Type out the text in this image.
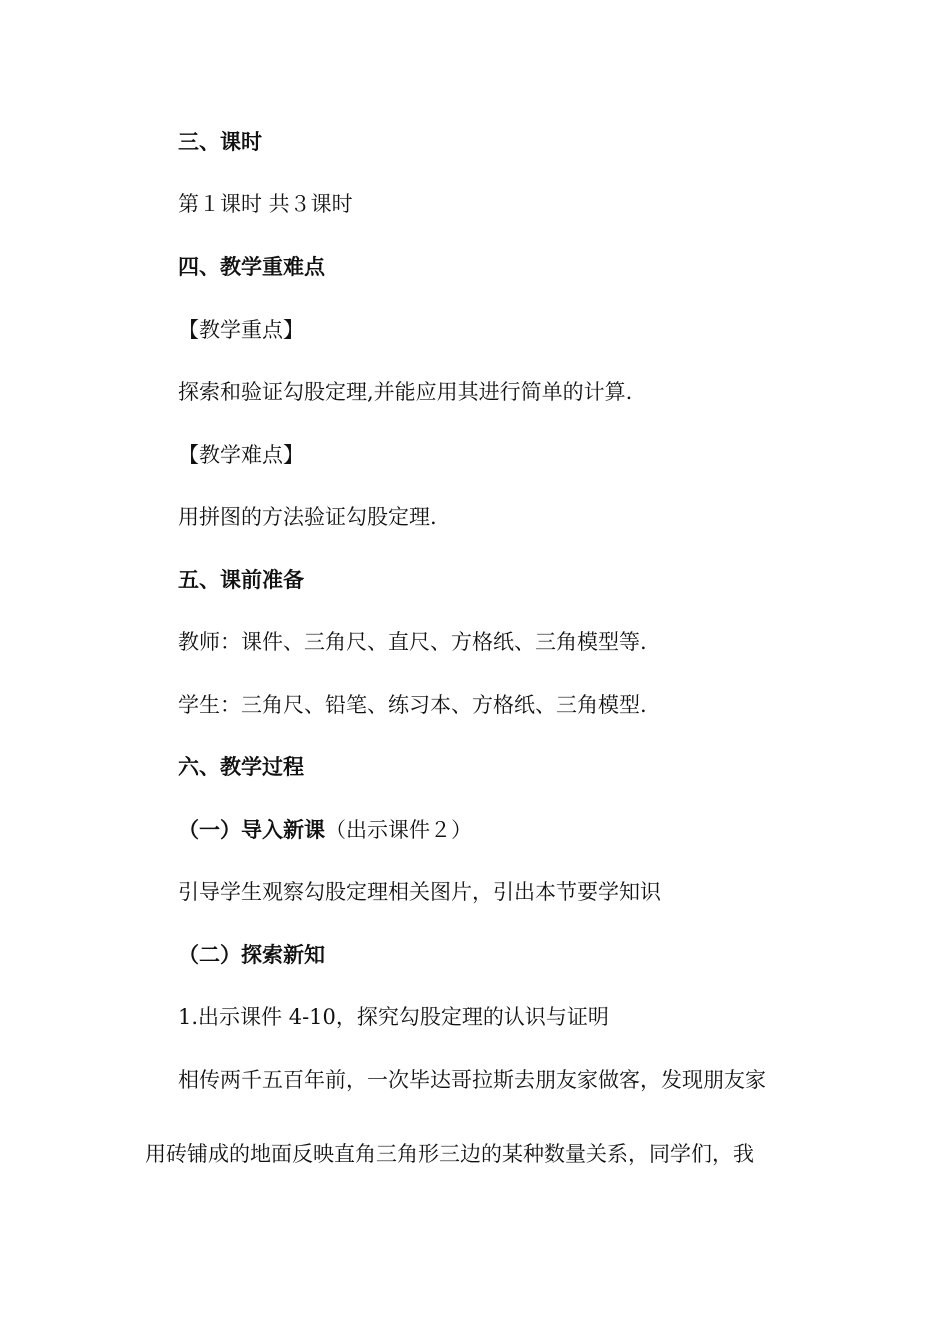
三、课时
第１课时 共３课时
四、教学重难点
【教学重点】
探索和验证勾股定理,并能应用其进行简单的计算.
【教学难点】
用拼图的方法验证勾股定理.
五、课前准备
教师：课件、三角尺、直尺、方格纸、三角模型等.
学生：三角尺、铅笔、练习本、方格纸、三角模型.
六、教学过程
（一）导入新课（出示课件２）
引导学生观察勾股定理相关图片，引出本节要学知识
（二）探索新知
1.出示课件 4-10，探究勾股定理的认识与证明
相传两千五百年前，一次毕达哥拉斯去朋友家做客，发现朋友家
用砖铺成的地面反映直角三角形三边的某种数量关系，同学们，我
